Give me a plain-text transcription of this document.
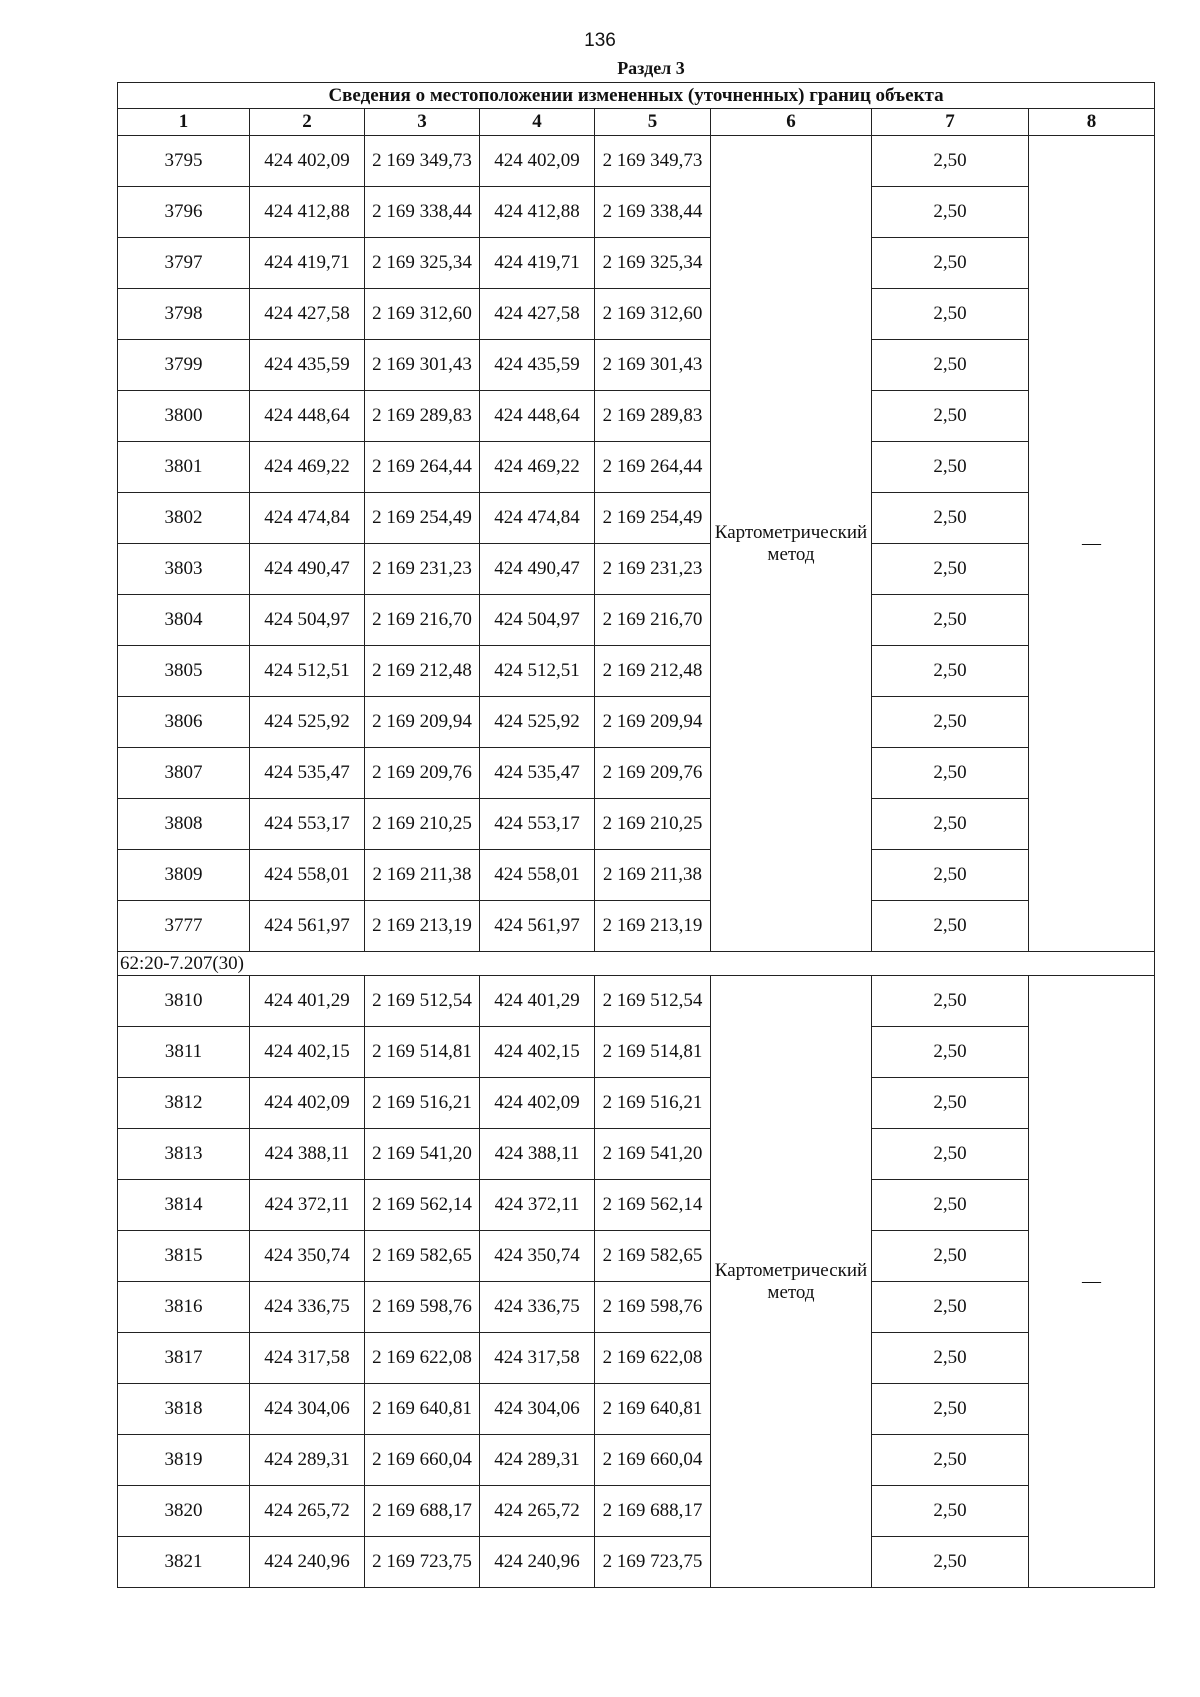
136
Раздел 3
Сведения о местоположении измененных (уточненных) границ объекта							
1	2	3	4	5	6	7	8
3795	424 402,09	2 169 349,73	424 402,09	2 169 349,73	Картометрический метод	2,50	—
3796	424 412,88	2 169 338,44	424 412,88	2 169 338,44		2,50	
3797	424 419,71	2 169 325,34	424 419,71	2 169 325,34		2,50	
3798	424 427,58	2 169 312,60	424 427,58	2 169 312,60		2,50	
3799	424 435,59	2 169 301,43	424 435,59	2 169 301,43		2,50	
3800	424 448,64	2 169 289,83	424 448,64	2 169 289,83		2,50	
3801	424 469,22	2 169 264,44	424 469,22	2 169 264,44		2,50	
3802	424 474,84	2 169 254,49	424 474,84	2 169 254,49		2,50	
3803	424 490,47	2 169 231,23	424 490,47	2 169 231,23		2,50	
3804	424 504,97	2 169 216,70	424 504,97	2 169 216,70		2,50	
3805	424 512,51	2 169 212,48	424 512,51	2 169 212,48		2,50	
3806	424 525,92	2 169 209,94	424 525,92	2 169 209,94		2,50	
3807	424 535,47	2 169 209,76	424 535,47	2 169 209,76		2,50	
3808	424 553,17	2 169 210,25	424 553,17	2 169 210,25		2,50	
3809	424 558,01	2 169 211,38	424 558,01	2 169 211,38		2,50	
3777	424 561,97	2 169 213,19	424 561,97	2 169 213,19		2,50	
62:20-7.207(30)							
3810	424 401,29	2 169 512,54	424 401,29	2 169 512,54	Картометрический метод	2,50	—
3811	424 402,15	2 169 514,81	424 402,15	2 169 514,81		2,50	
3812	424 402,09	2 169 516,21	424 402,09	2 169 516,21		2,50	
3813	424 388,11	2 169 541,20	424 388,11	2 169 541,20		2,50	
3814	424 372,11	2 169 562,14	424 372,11	2 169 562,14		2,50	
3815	424 350,74	2 169 582,65	424 350,74	2 169 582,65		2,50	
3816	424 336,75	2 169 598,76	424 336,75	2 169 598,76		2,50	
3817	424 317,58	2 169 622,08	424 317,58	2 169 622,08		2,50	
3818	424 304,06	2 169 640,81	424 304,06	2 169 640,81		2,50	
3819	424 289,31	2 169 660,04	424 289,31	2 169 660,04		2,50	
3820	424 265,72	2 169 688,17	424 265,72	2 169 688,17		2,50	
3821	424 240,96	2 169 723,75	424 240,96	2 169 723,75		2,50	
